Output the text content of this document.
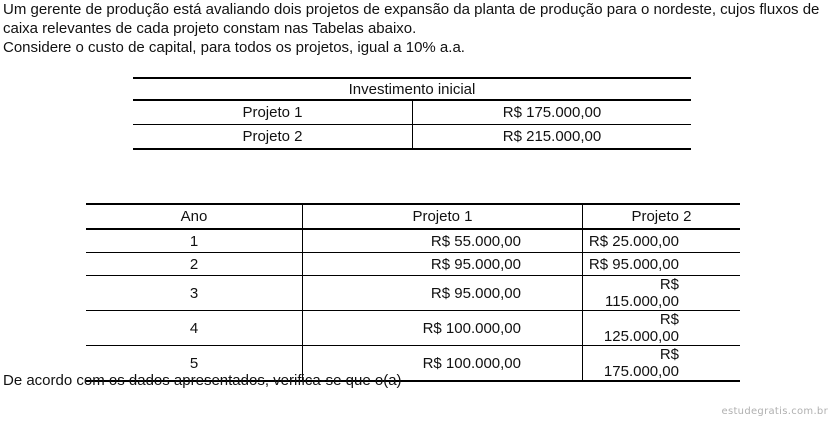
Um gerente de produção está avaliando dois projetos de expansão da planta de produção para o nordeste, cujos fluxos de

caixa relevantes de cada projeto constam nas Tabelas abaixo.

Considere o custo de capital, para todos os projetos, igual a 10% a.a.

Investimento inicial	
Projeto 1	R$ 175.000,00
Projeto 2	R$ 215.000,00
Ano	Projeto 1	Projeto 2
1	R$ 55.000,00	R$ 25.000,00
2	R$ 95.000,00	R$ 95.000,00
3	R$ 95.000,00	R$ 115.000,00
4	R$ 100.000,00	R$ 125.000,00
5	R$ 100.000,00	R$ 175.000,00
De acordo com os dados apresentados, verifica-se que o(a)
estudegratis.com.br
